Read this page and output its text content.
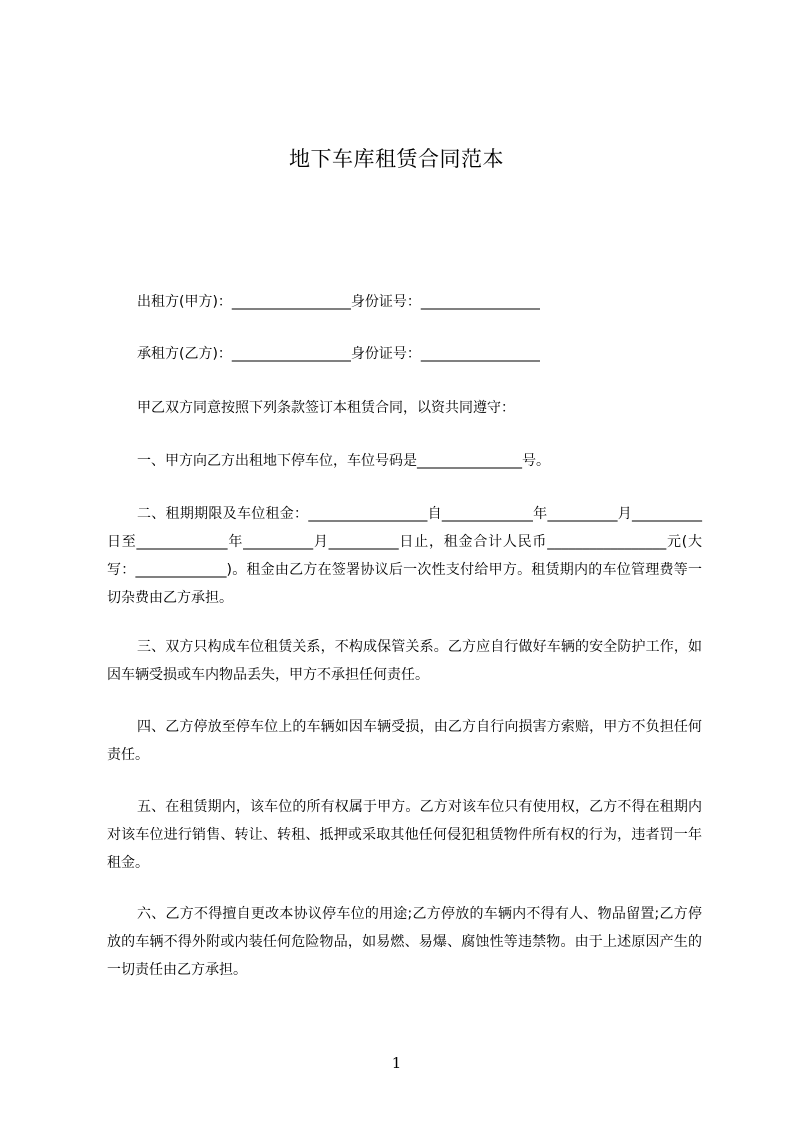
地下车库租赁合同范本
出租方(甲方)：_________________身份证号：_________________
承租方(乙方)：_________________身份证号：_________________
甲乙双方同意按照下列条款签订本租赁合同，以资共同遵守：
一、甲方向乙方出租地下停车位，车位号码是_______________号。
二、租期期限及车位租金：_________________自_____________年__________月__________日至_____________年__________月__________日止，租金合计人民币_________________元(大写：_____________)。租金由乙方在签署协议后一次性支付给甲方。租赁期内的车位管理费等一切杂费由乙方承担。
三、双方只构成车位租赁关系，不构成保管关系。乙方应自行做好车辆的安全防护工作，如因车辆受损或车内物品丢失，甲方不承担任何责任。
四、乙方停放至停车位上的车辆如因车辆受损，由乙方自行向损害方索赔，甲方不负担任何责任。
五、在租赁期内，该车位的所有权属于甲方。乙方对该车位只有使用权，乙方不得在租期内对该车位进行销售、转让、转租、抵押或采取其他任何侵犯租赁物件所有权的行为，违者罚一年租金。
六、乙方不得擅自更改本协议停车位的用途;乙方停放的车辆内不得有人、物品留置;乙方停放的车辆不得外附或内装任何危险物品，如易燃、易爆、腐蚀性等违禁物。由于上述原因产生的一切责任由乙方承担。
1
